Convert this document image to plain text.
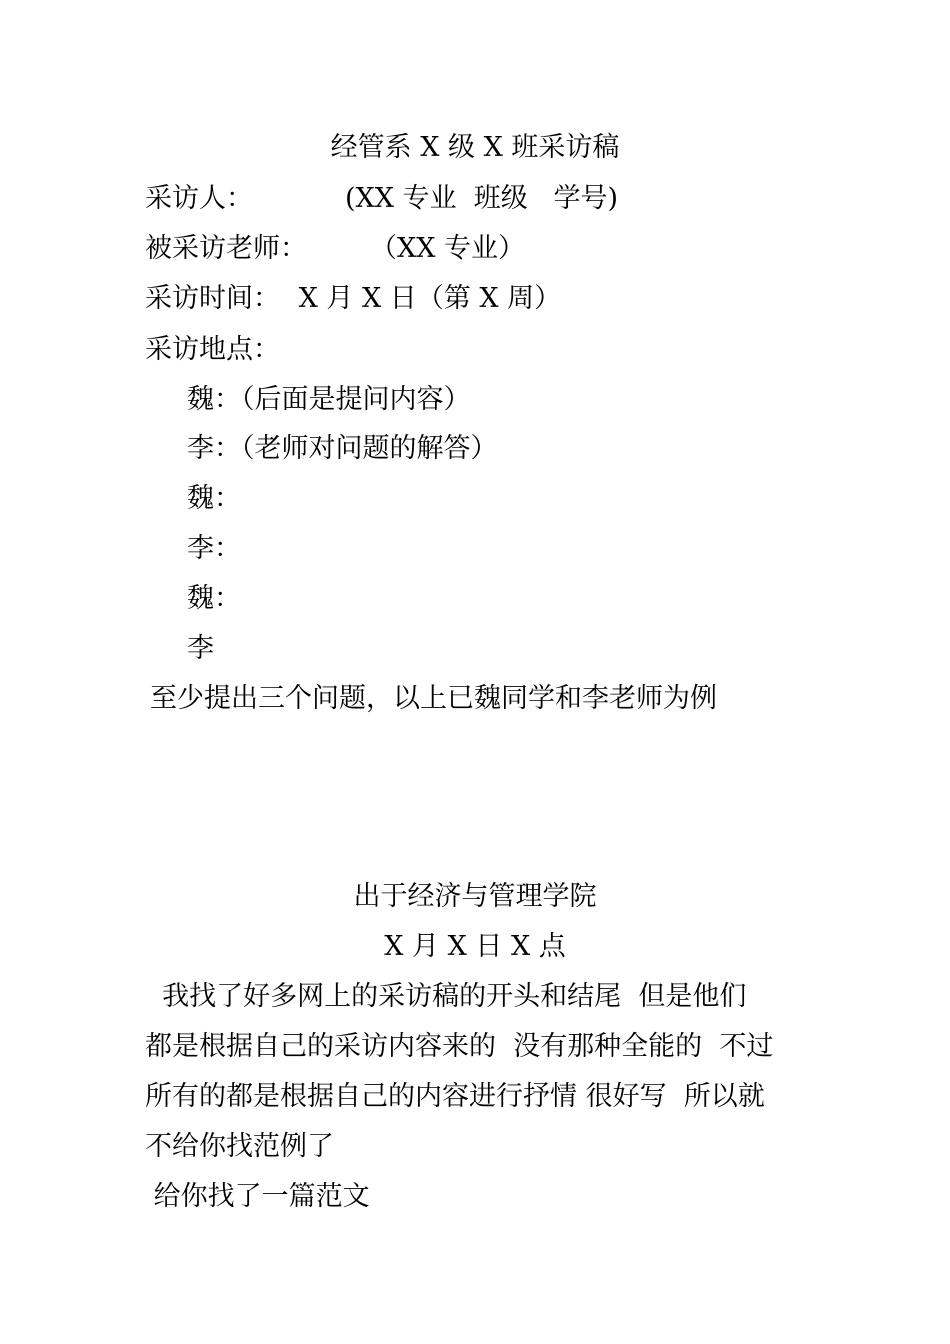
经管系 X 级 X 班采访稿
采访人：	(XX 专业  班级   学号)
被采访老师： （XX 专业）
采访时间： X 月 X 日（第 X 周）
采访地点：
魏：（后面是提问内容）
李：（老师对问题的解答）
魏：
李：
魏：
李
至少提出三个问题，以上已魏同学和李老师为例
出于经济与管理学院
X 月 X 日 X 点
我找了好多网上的采访稿的开头和结尾  但是他们
都是根据自己的采访内容来的  没有那种全能的  不过
所有的都是根据自己的内容进行抒情 很好写  所以就
不给你找范例了
给你找了一篇范文
